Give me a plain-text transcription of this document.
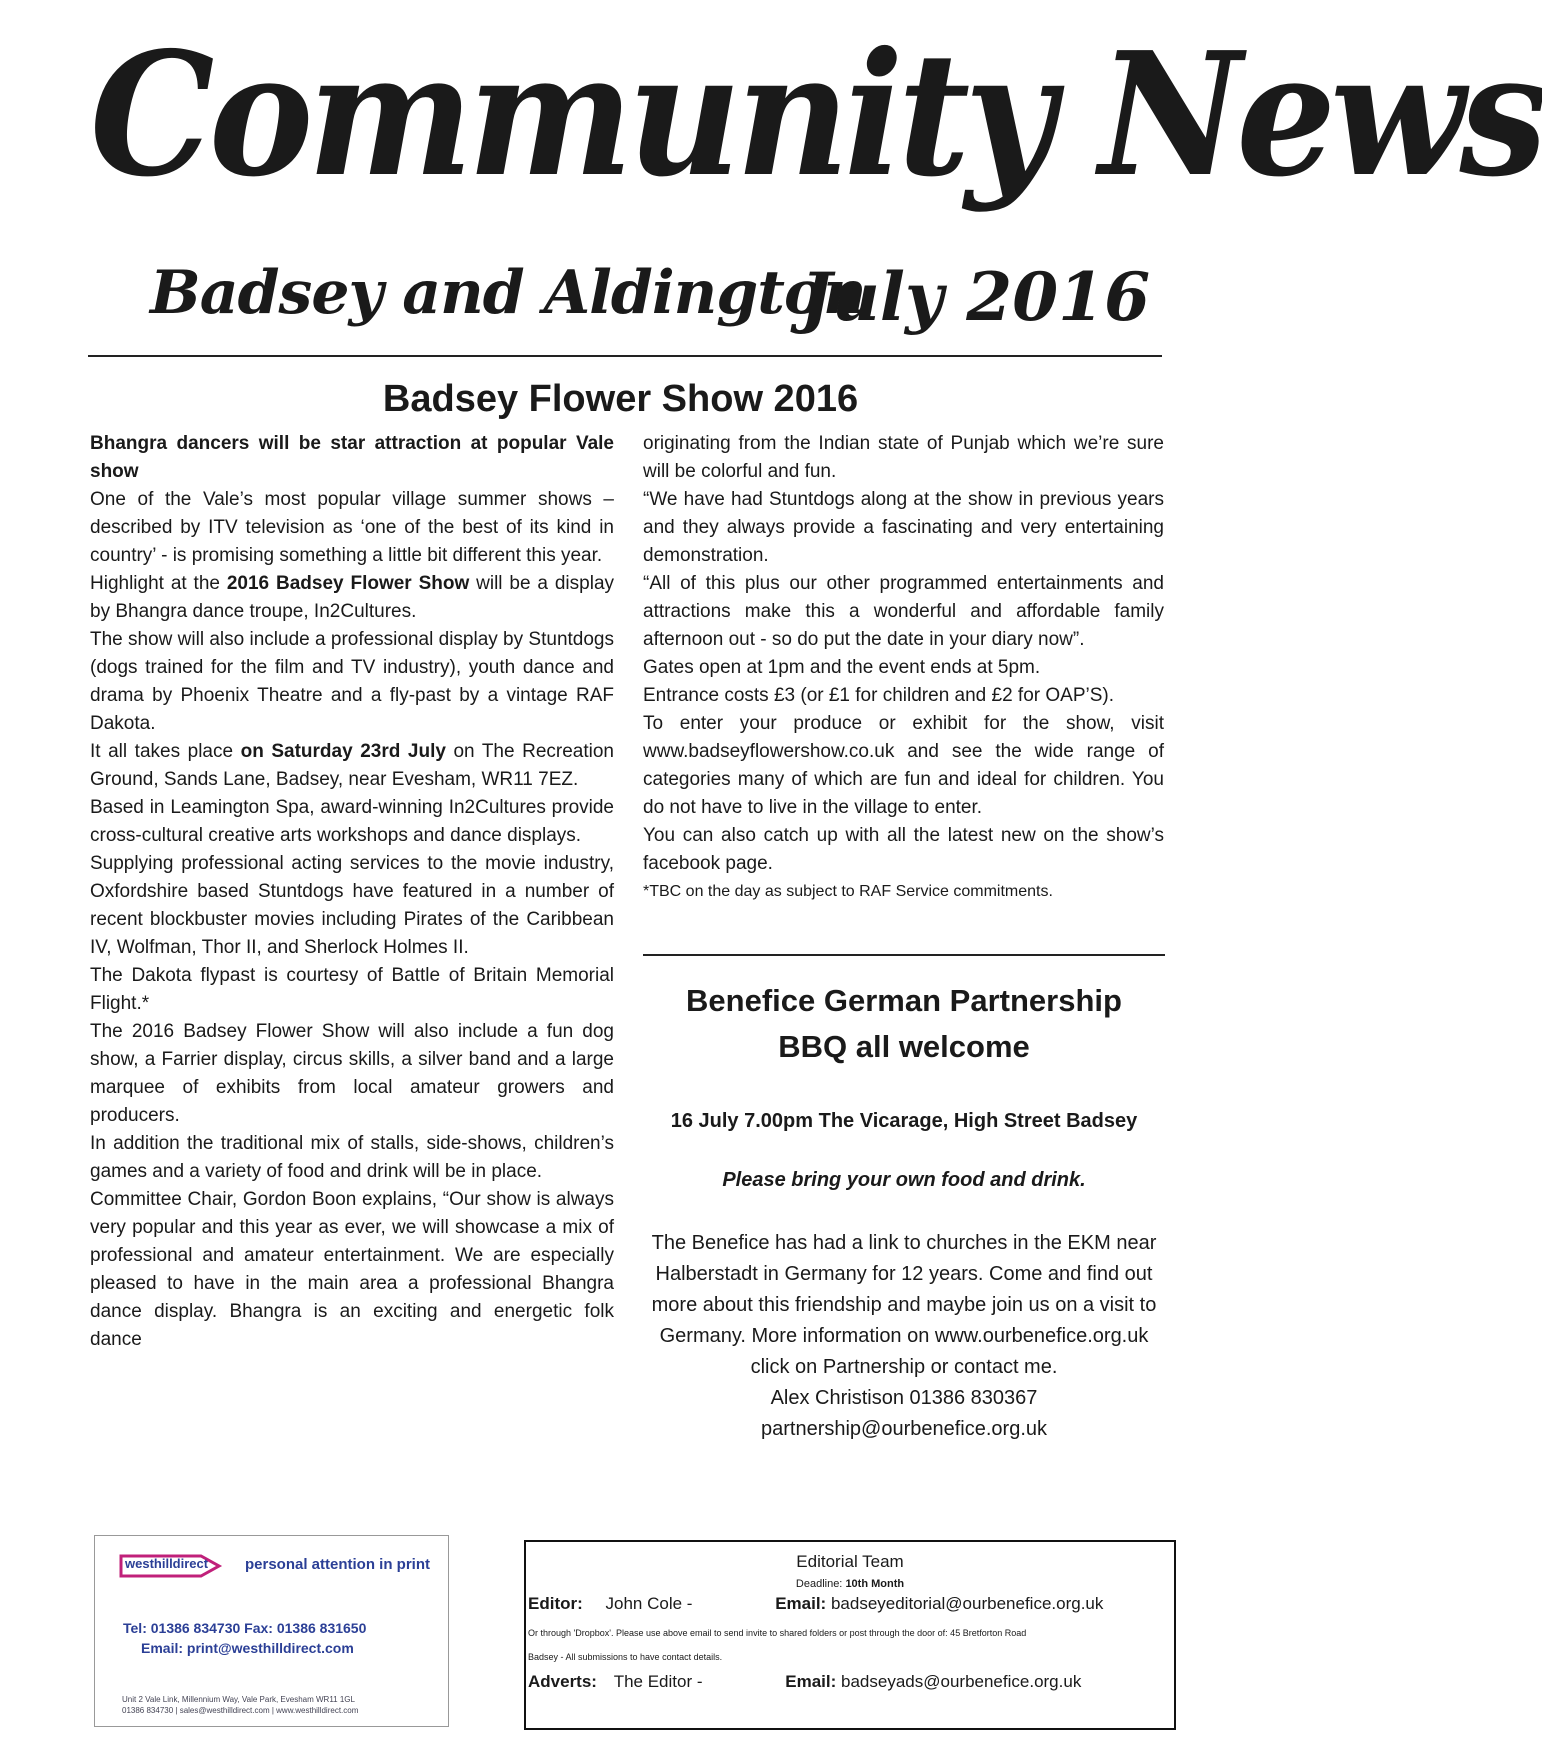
Community News
Badsey and Aldington
July 2016
Badsey Flower Show 2016

Bhangra dancers will be star attraction at popular Vale show

One of the Vale’s most popular village summer shows – described by ITV television as ‘one of the best of its kind in country’ - is promising something a little bit different this year.

Highlight at the 2016 Badsey Flower Show will be a display by Bhangra dance troupe, In2Cultures.

The show will also include a professional display by Stuntdogs (dogs trained for the film and TV industry), youth dance and drama by Phoenix Theatre and a fly-past by a vintage RAF Dakota.

It all takes place on Saturday 23rd July on The Recreation Ground, Sands Lane, Badsey, near Evesham, WR11 7EZ.

Based in Leamington Spa, award-winning In2Cultures provide cross-cultural creative arts workshops and dance displays.

Supplying professional acting services to the movie industry, Oxfordshire based Stuntdogs have featured in a number of recent blockbuster movies including Pirates of the Caribbean IV, Wolfman, Thor II, and Sherlock Holmes II.

The Dakota flypast is courtesy of Battle of Britain Memorial Flight.*

The 2016 Badsey Flower Show will also include a fun dog show, a Farrier display, circus skills, a silver band and a large marquee of exhibits from local amateur growers and producers.

In addition the traditional mix of stalls, side-shows, children’s games and a variety of food and drink will be in place.

Committee Chair, Gordon Boon explains, “Our show is always very popular and this year as ever, we will showcase a mix of professional and amateur entertainment. We are especially pleased to have in the main area a professional Bhangra dance display. Bhangra is an exciting and energetic folk dance

originating from the Indian state of Punjab which we’re sure will be colorful and fun.

“We have had Stuntdogs along at the show in previous years and they always provide a fascinating and very entertaining demonstration.

“All of this plus our other programmed entertainments and attractions make this a wonderful and affordable family afternoon out - so do put the date in your diary now”.

Gates open at 1pm and the event ends at 5pm.

Entrance costs £3 (or £1 for children and £2 for OAP’S).

To enter your produce or exhibit for the show, visit www.badseyflowershow.co.uk and see the wide range of categories many of which are fun and ideal for children. You do not have to live in the village to enter.

You can also catch up with all the latest new on the show’s facebook page.

*TBC on the day as subject to RAF Service commitments.

Benefice German Partnership

BBQ all welcome

16 July 7.00pm The Vicarage, High Street Badsey
Please bring your own food and drink.
The Benefice has had a link to churches in the EKM near Halberstadt in Germany for 12 years. Come and find out more about this friendship and maybe join us on a visit to Germany. More information on www.ourbenefice.org.uk click on Partnership or contact me.
Alex Christison 01386 830367
partnership@ourbenefice.org.uk
westhilldirect personal attention in print
Tel: 01386 834730 Fax: 01386 831650
Email: print@westhilldirect.com
Unit 2 Vale Link, Millennium Way, Vale Park, Evesham WR11 1GL
01386 834730 | sales@westhilldirect.com | www.westhilldirect.com
Editorial Team
Deadline: 10th Month
Editor: John Cole -	Email: badseyeditorial@ourbenefice.org.uk
Or through 'Dropbox'. Please use above email to send invite to shared folders or post through the door of: 45 Bretforton Road
Badsey - All submissions to have contact details.
Adverts: The Editor -	Email: badseyads@ourbenefice.org.uk
